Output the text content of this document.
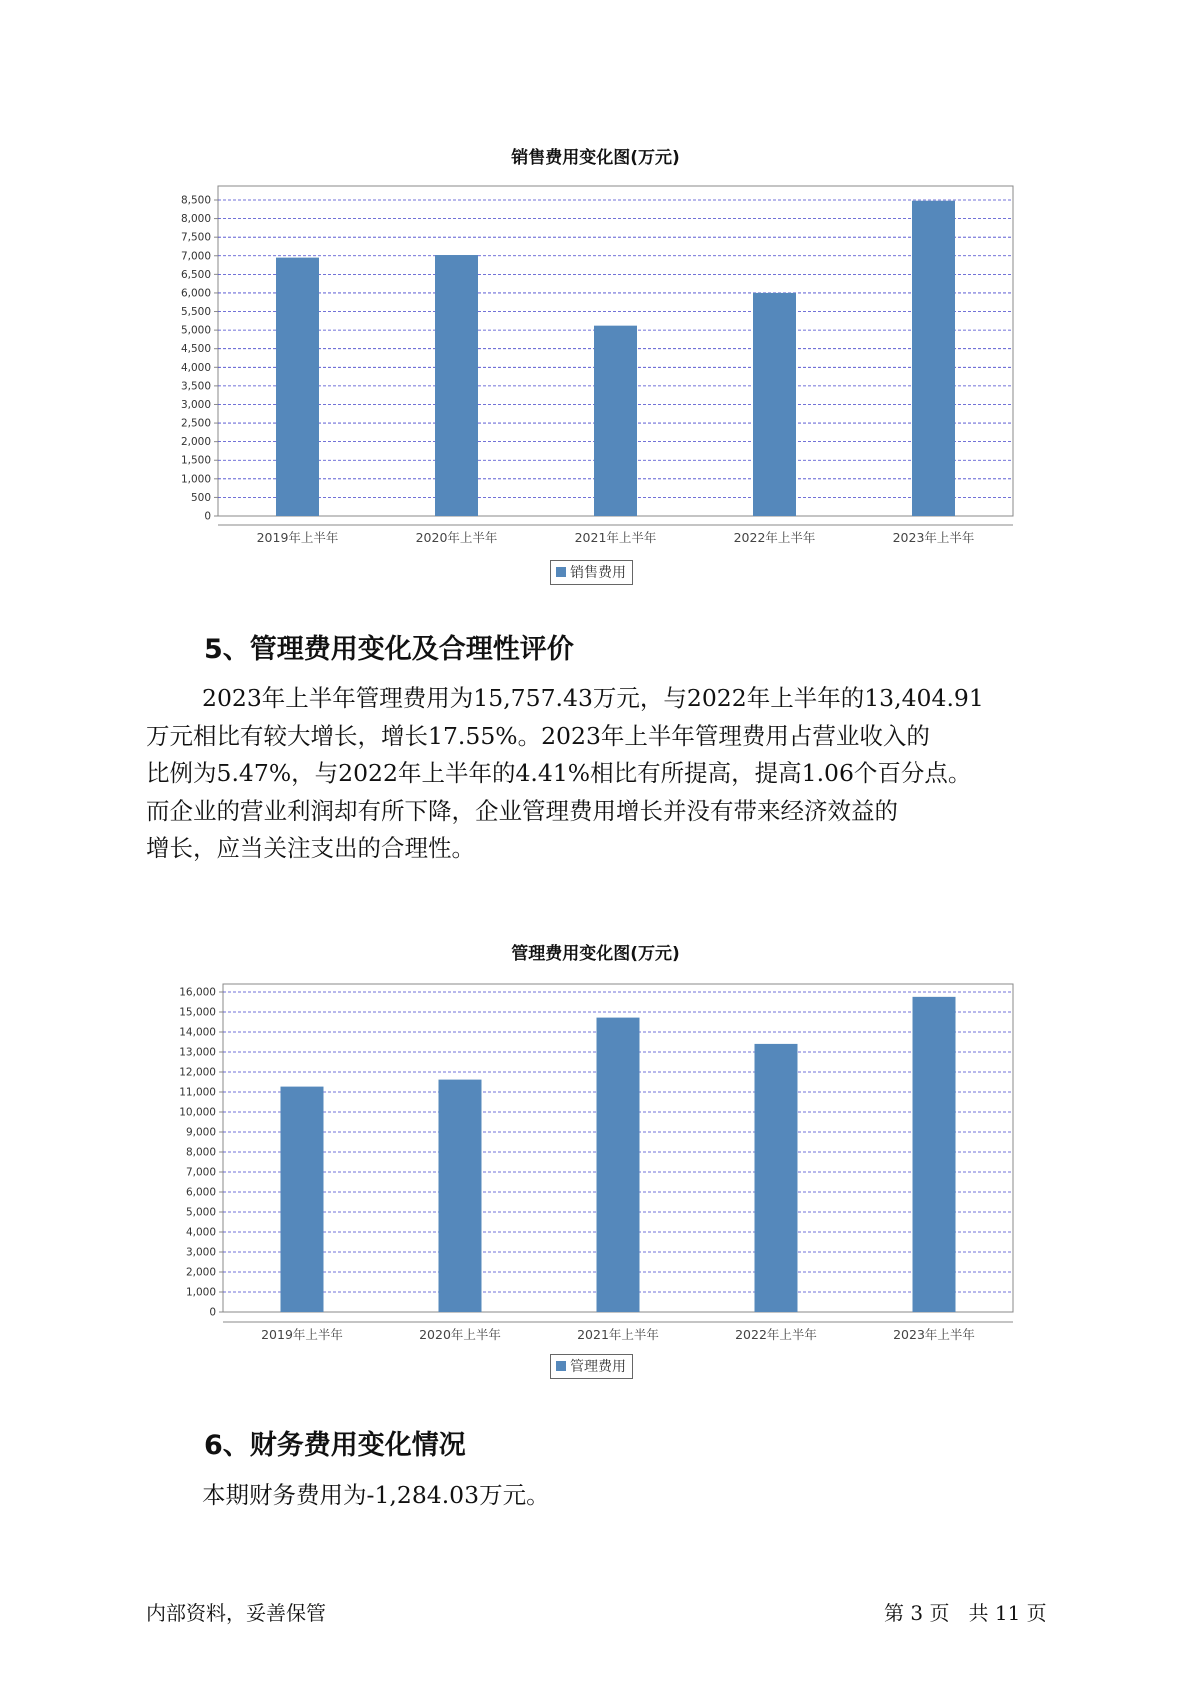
销售费用变化图(万元)
0
500
1,000
1,500
2,000
2,500
3,000
3,500
4,000
4,500
5,000
5,500
6,000
6,500
7,000
7,500
8,000
8,500
2019年上半年	2020年上半年	2021年上半年	2022年上半年	2023年上半年
销售费用
5、管理费用变化及合理性评价
2023年上半年管理费用为15,757.43万元，与2022年上半年的13,404.91
万元相比有较大增长，增长17.55%。2023年上半年管理费用占营业收入的
比例为5.47%，与2022年上半年的4.41%相比有所提高，提高1.06个百分点。
而企业的营业利润却有所下降，企业管理费用增长并没有带来经济效益的
增长，应当关注支出的合理性。
管理费用变化图(万元)
0
1,000
2,000
3,000
4,000
5,000
6,000
7,000
8,000
9,000
10,000
11,000
12,000
13,000
14,000
15,000
16,000
2019年上半年	2020年上半年	2021年上半年	2022年上半年	2023年上半年
管理费用
6、财务费用变化情况
本期财务费用为-1,284.03万元。
内部资料，妥善保管	第 3 页   共 11 页
